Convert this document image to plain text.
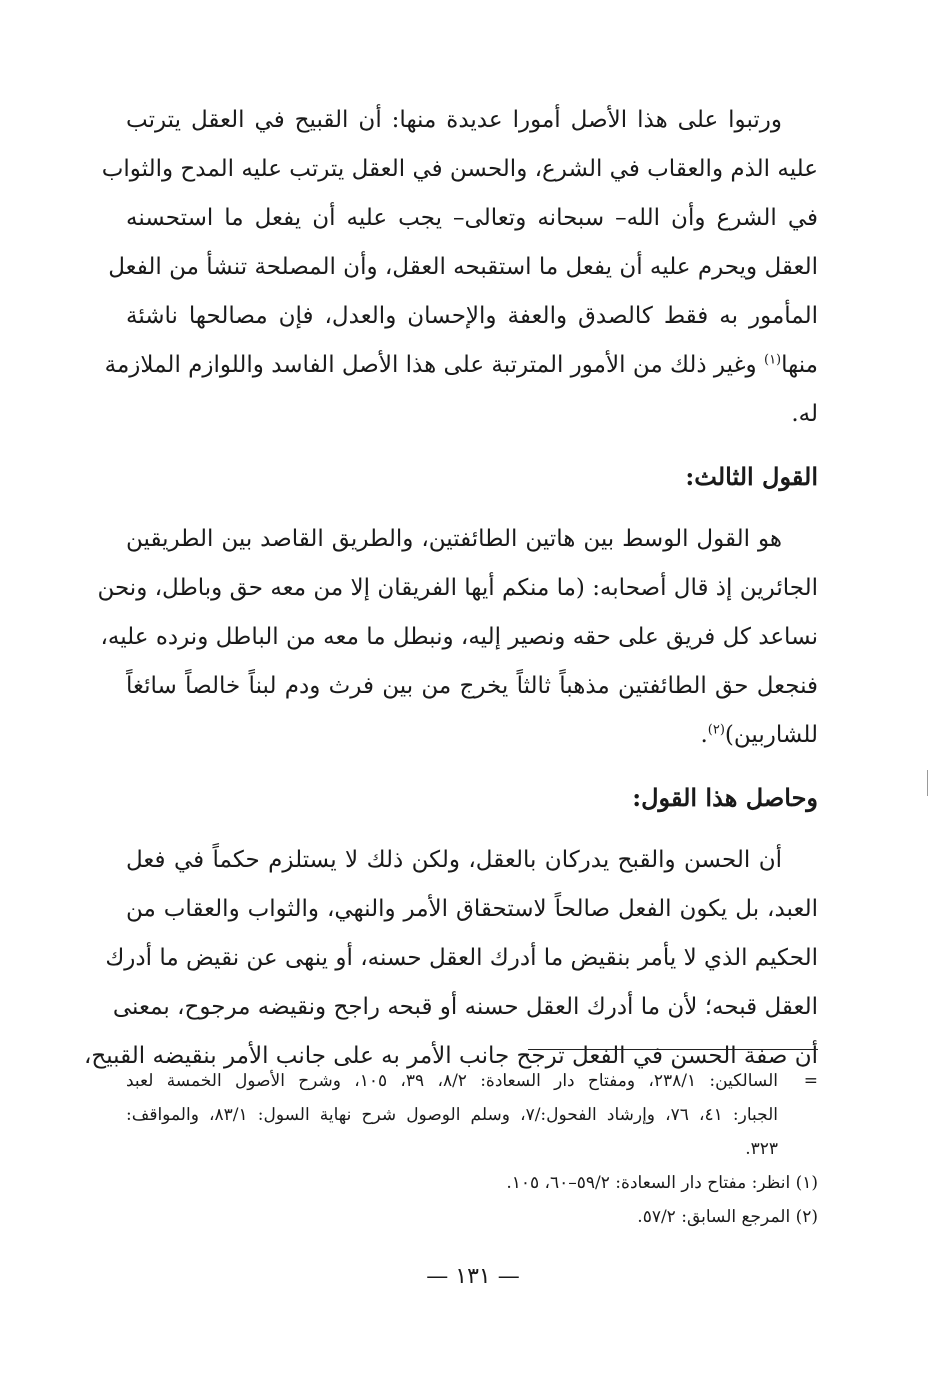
ورتبوا على هذا الأصل أمورا عديدة منها: أن القبيح في العقل يترتب
عليه الذم والعقاب في الشرع، والحسن في العقل يترتب عليه المدح والثواب
في الشرع وأن الله– سبحانه وتعالى– يجب عليه أن يفعل ما استحسنه
العقل ويحرم عليه أن يفعل ما استقبحه العقل، وأن المصلحة تنشأ من الفعل
المأمور به فقط كالصدق والعفة والإحسان والعدل، فإن مصالحها ناشئة
منها$^{(١)}$ وغير ذلك من الأمور المترتبة على هذا الأصل الفاسد واللوازم الملازمة
له.

القول الثالث:

هو القول الوسط بين هاتين الطائفتين، والطريق القاصد بين الطريقين
الجائرين إذ قال أصحابه: (ما منكم أيها الفريقان إلا من معه حق وباطل، ونحن
نساعد كل فريق على حقه ونصير إليه، ونبطل ما معه من الباطل ونرده عليه،
فنجعل حق الطائفتين مذهباً ثالثاً يخرج من بين فرث ودم لبناً خالصاً سائغاً
للشاربين)$^{(٢)}$.

وحاصل هذا القول:

أن الحسن والقبح يدركان بالعقل، ولكن ذلك لا يستلزم حكماً في فعل
العبد، بل يكون الفعل صالحاً لاستحقاق الأمر والنهي، والثواب والعقاب من
الحكيم الذي لا يأمر بنقيض ما أدرك العقل حسنه، أو ينهى عن نقيض ما أدرك
العقل قبحه؛ لأن ما أدرك العقل حسنه أو قبحه راجح ونقيضه مرجوح، بمعنى
أن صفة الحسن في الفعل ترجح جانب الأمر به على جانب الأمر بنقيضه القبيح،

=
السالكين: ٢٣٨/١، ومفتاح دار السعادة: ٨/٢، ٣٩، ١٠٥، وشرح الأصول الخمسة لعبد
الجبار: ٤١، ٧٦، وإرشاد الفحول:/٧، وسلم الوصول شرح نهاية السول: ٨٣/١، والمواقف:
٣٢٣.
(١) انظر: مفتاح دار السعادة: ٥٩/٢–٦٠، ١٠٥.
(٢) المرجع السابق: ٥٧/٢.
— ١٣١ —
